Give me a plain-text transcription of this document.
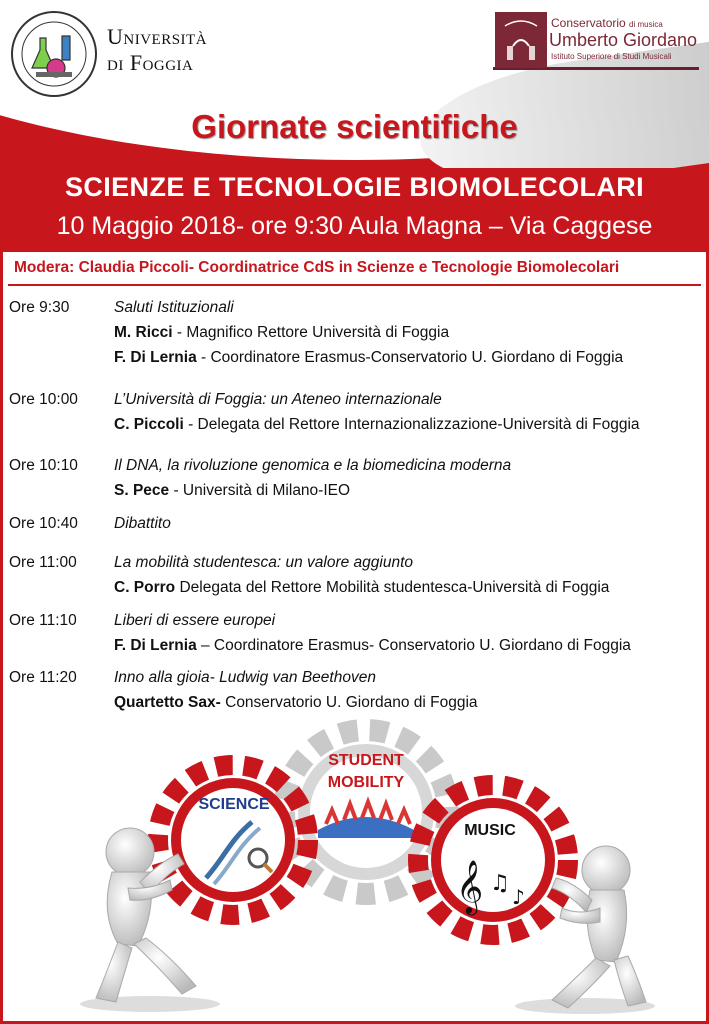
Università
di Foggia
Conservatorio di musica
Umberto Giordano
Istituto Superiore di Studi Musicali
Giornate scientifiche
SCIENZE E TECNOLOGIE BIOMOLECOLARI
10 Maggio 2018- ore 9:30 Aula Magna – Via Caggese
Modera: Claudia Piccoli- Coordinatrice CdS in Scienze e Tecnologie Biomolecolari
Ore 9:30	Saluti Istituzionali
M. Ricci - Magnifico Rettore Università di Foggia
F. Di Lernia - Coordinatore Erasmus-Conservatorio U. Giordano di Foggia
Ore 10:00 L’Università di Foggia: un Ateneo internazionale
C. Piccoli - Delegata del Rettore Internazionalizzazione-Università di Foggia
Ore 10:10 Il DNA, la rivoluzione genomica e la biomedicina moderna
S. Pece - Università di Milano-IEO
Ore 10:40 Dibattito
Ore 11:00 La mobilità studentesca: un valore aggiunto
C. Porro Delegata del Rettore Mobilità studentesca-Università di Foggia
Ore 11:10 Liberi di essere europei
F. Di Lernia – Coordinatore Erasmus- Conservatorio U. Giordano di Foggia
Ore 11:20 Inno alla gioia- Ludwig van Beethoven
Quartetto Sax- Conservatorio U. Giordano di Foggia
𝄞 ♫
♪
SCIENCE
STUDENT
MOBILITY
MUSIC
